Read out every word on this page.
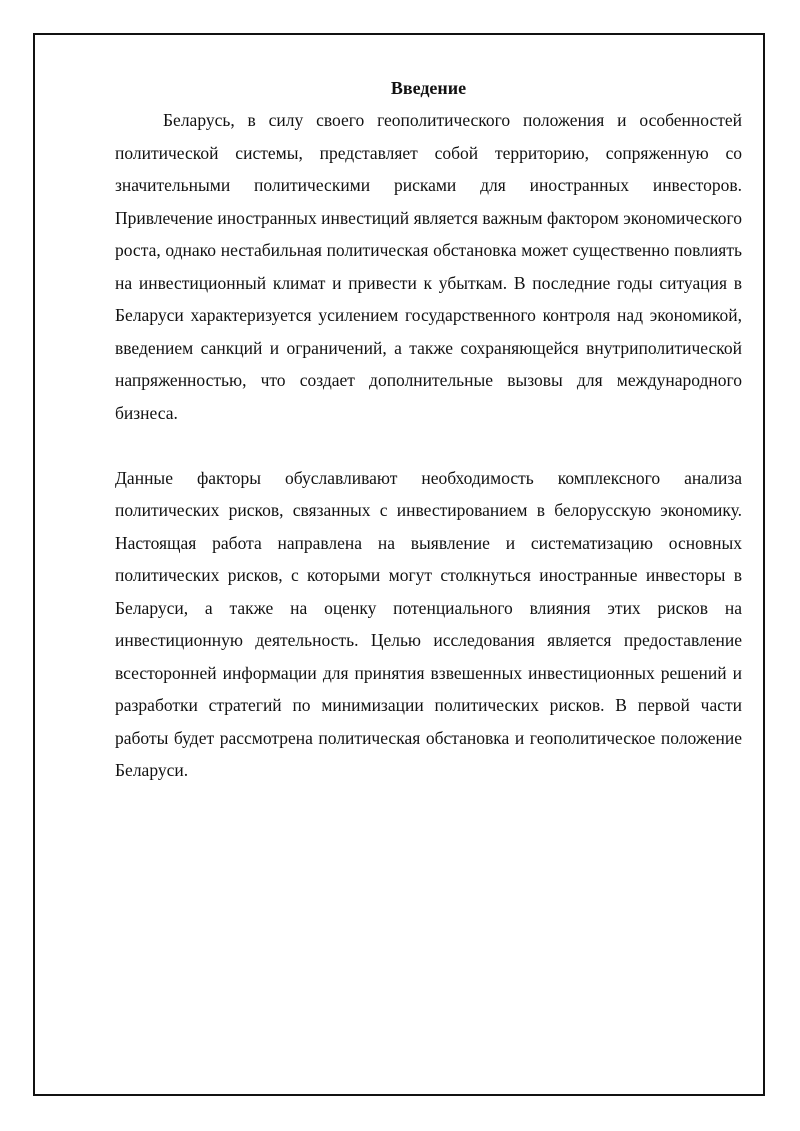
Введение

Беларусь, в силу своего геополитического положения и особенностей политической системы, представляет собой территорию, сопряженную со значительными политическими рисками для иностранных инвесторов. Привлечение иностранных инвестиций является важным фактором экономического роста, однако нестабильная политическая обстановка может существенно повлиять на инвестиционный климат и привести к убыткам. В последние годы ситуация в Беларуси характеризуется усилением государственного контроля над экономикой, введением санкций и ограничений, а также сохраняющейся внутриполитической напряженностью, что создает дополнительные вызовы для международного бизнеса.

Данные факторы обуславливают необходимость комплексного анализа политических рисков, связанных с инвестированием в белорусскую экономику. Настоящая работа направлена на выявление и систематизацию основных политических рисков, с которыми могут столкнуться иностранные инвесторы в Беларуси, а также на оценку потенциального влияния этих рисков на инвестиционную деятельность. Целью исследования является предоставление всесторонней информации для принятия взвешенных инвестиционных решений и разработки стратегий по минимизации политических рисков. В первой части работы будет рассмотрена политическая обстановка и геополитическое положение Беларуси.
